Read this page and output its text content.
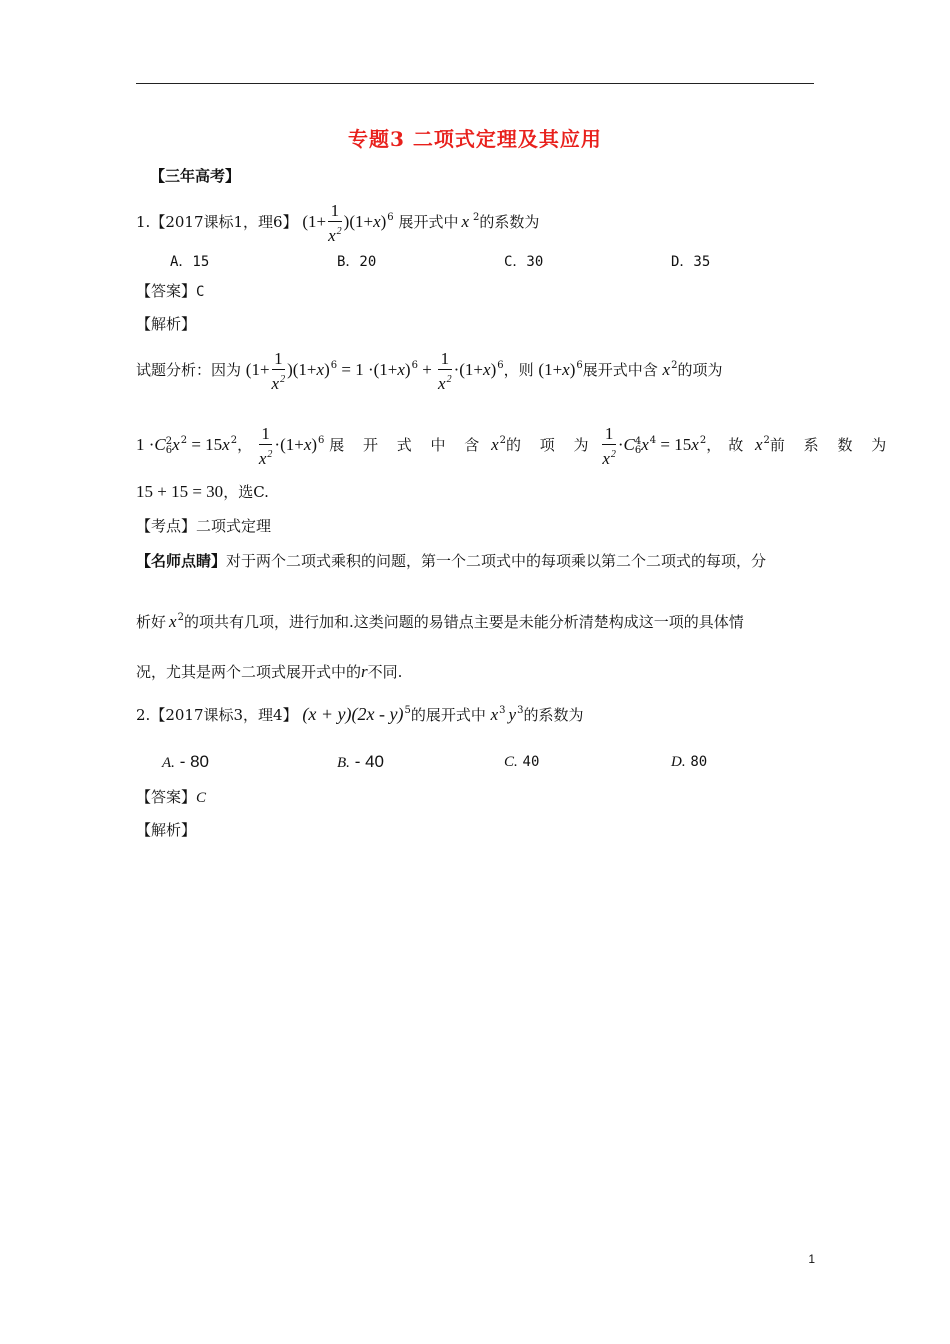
专题3 二项式定理及其应用
【三年高考】
1.【2017课标1，理6】 $(1+ \frac{1}{x^2} )(1+x)^6$ 展开式中 x $^2$的系数为
A．15	B．20	C．30	D．35
【答案】C
【解析】
试题分析：因为 $(1+ \frac{1}{x^2} )(1+x)^6 = 1 \cdot(1+x)^6 + \frac{1}{x^2} \cdot(1+x)^6$，则 $(1+x)^6$展开式中含 $x^2$的项为
1 ·C 2
6 $x^2 = 15x^2$， $\frac{1}{x^2} \cdot(1+x)^6$ 展 开 式 中 含 $x^2$的 项 为 $\frac{1}{x^2} \cdot C$ 4
6 $x^4 = 15x^2$，故 $x^2$前 系 数 为
15 + 15 = 30，选C.
【考点】二项式定理
【名师点睛】对于两个二项式乘积的问题，第一个二项式中的每项乘以第二个二项式的每项，分
析好 $x^2$的项共有几项，进行加和.这类问题的易错点主要是未能分析清楚构成这一项的具体情
况，尤其是两个二项式展开式中的r不同.
2.【2017课标3，理4】 (x + y)(2x - y)$^5$的展开式中 $x^3$ $y^3$的系数为
A. - 80	B. - 40	C. 40	D. 80
【答案】C
【解析】
1
